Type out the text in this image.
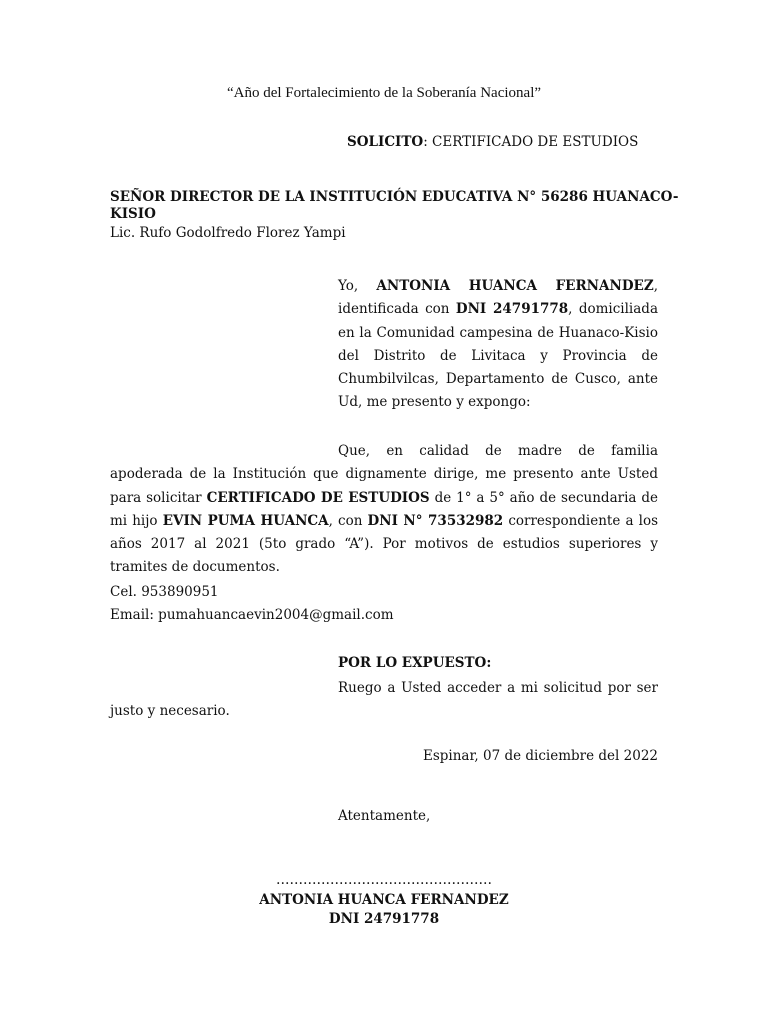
“Año del Fortalecimiento de la Soberanía Nacional”
SOLICITO: CERTIFICADO DE ESTUDIOS
SEÑOR DIRECTOR DE LA INSTITUCIÓN EDUCATIVA N° 56286 HUANACO-
KISIO
Lic. Rufo Godolfredo Florez Yampi
Yo, ANTONIA HUANCA FERNANDEZ, identificada con DNI 24791778, domiciliada en la Comunidad campesina de Huanaco-Kisio del Distrito de Livitaca y Provincia de Chumbilvilcas, Departamento de Cusco, ante Ud, me presento y expongo:
Que, en calidad de madre de familia apoderada de la Institución que dignamente dirige, me presento ante Usted para solicitar CERTIFICADO DE ESTUDIOS de 1° a 5° año de secundaria de mi hijo EVIN PUMA HUANCA, con DNI N° 73532982 correspondiente a los años 2017 al 2021 (5to grado “A”). Por motivos de estudios superiores y tramites de documentos.
Cel. 953890951
Email: pumahuancaevin2004@gmail.com
POR LO EXPUESTO:
Ruego a Usted acceder a mi solicitud por ser justo y necesario.
Espinar, 07 de diciembre del 2022
Atentamente,
…………………………………………
ANTONIA HUANCA FERNANDEZ
DNI 24791778
